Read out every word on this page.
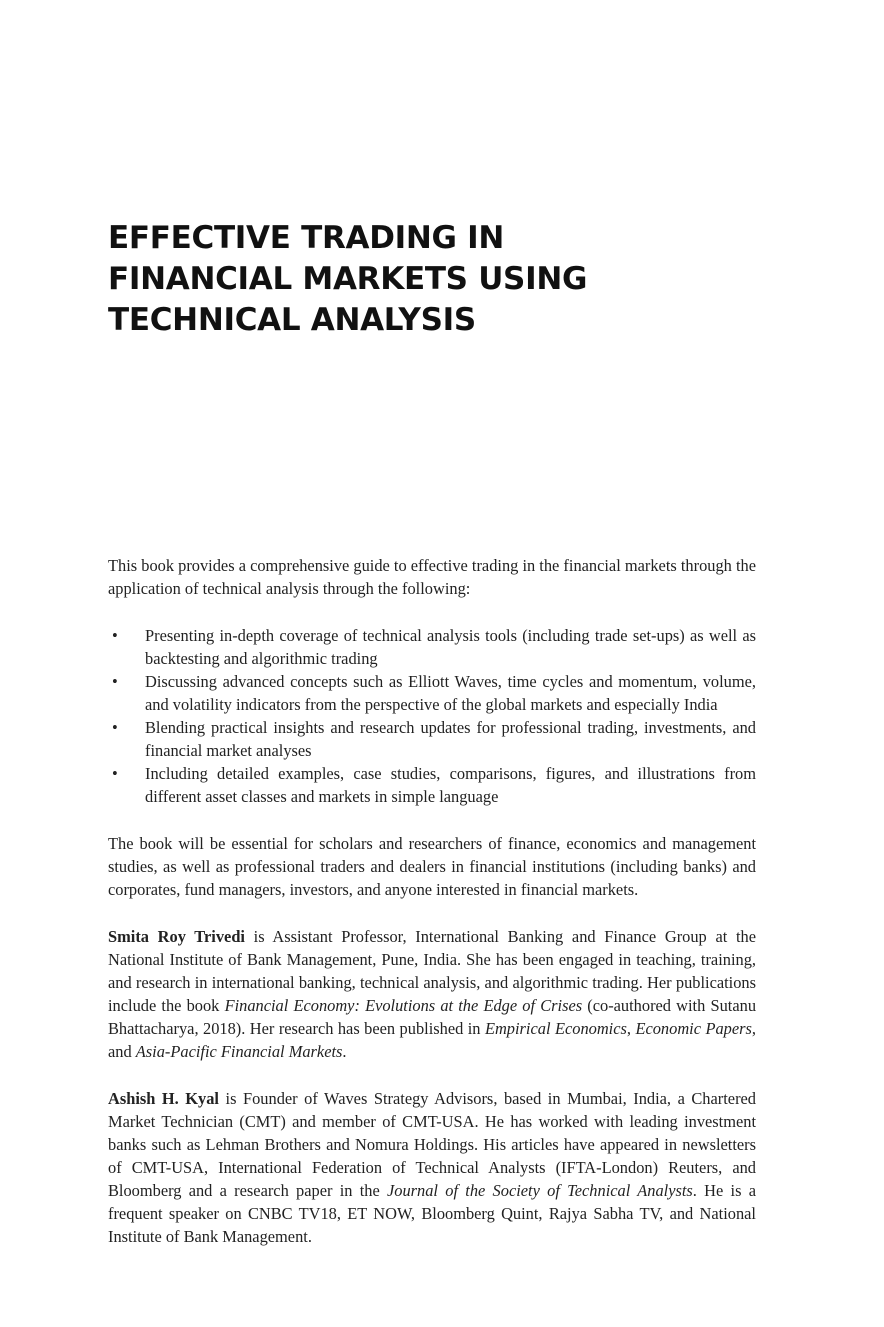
EFFECTIVE TRADING IN
FINANCIAL MARKETS USING
TECHNICAL ANALYSIS

This book provides a comprehensive guide to effective trading in the financial markets through the application of technical analysis through the following:

• Presenting in-depth coverage of technical analysis tools (including trade set-ups) as well as backtesting and algorithmic trading
• Discussing advanced concepts such as Elliott Waves, time cycles and momentum, volume, and volatility indicators from the perspective of the global markets and especially India
• Blending practical insights and research updates for professional trading, investments, and financial market analyses
• Including detailed examples, case studies, comparisons, figures, and illustrations from different asset classes and markets in simple language

The book will be essential for scholars and researchers of finance, economics and management studies, as well as professional traders and dealers in financial institutions (including banks) and corporates, fund managers, investors, and anyone interested in financial markets.

Smita Roy Trivedi is Assistant Professor, International Banking and Finance Group at the National Institute of Bank Management, Pune, India. She has been engaged in teaching, training, and research in international banking, technical analysis, and algorithmic trading. Her publications include the book Financial Economy: Evolutions at the Edge of Crises (co-authored with Sutanu Bhattacharya, 2018). Her research has been published in Empirical Economics, Economic Papers, and Asia-Pacific Financial Markets.

Ashish H. Kyal is Founder of Waves Strategy Advisors, based in Mumbai, India, a Chartered Market Technician (CMT) and member of CMT-USA. He has worked with leading investment banks such as Lehman Brothers and Nomura Holdings. His articles have appeared in newsletters of CMT-USA, International Federation of Technical Analysts (IFTA-London) Reuters, and Bloomberg and a research paper in the Journal of the Society of Technical Analysts. He is a frequent speaker on CNBC TV18, ET NOW, Bloomberg Quint, Rajya Sabha TV, and National Institute of Bank Management.
